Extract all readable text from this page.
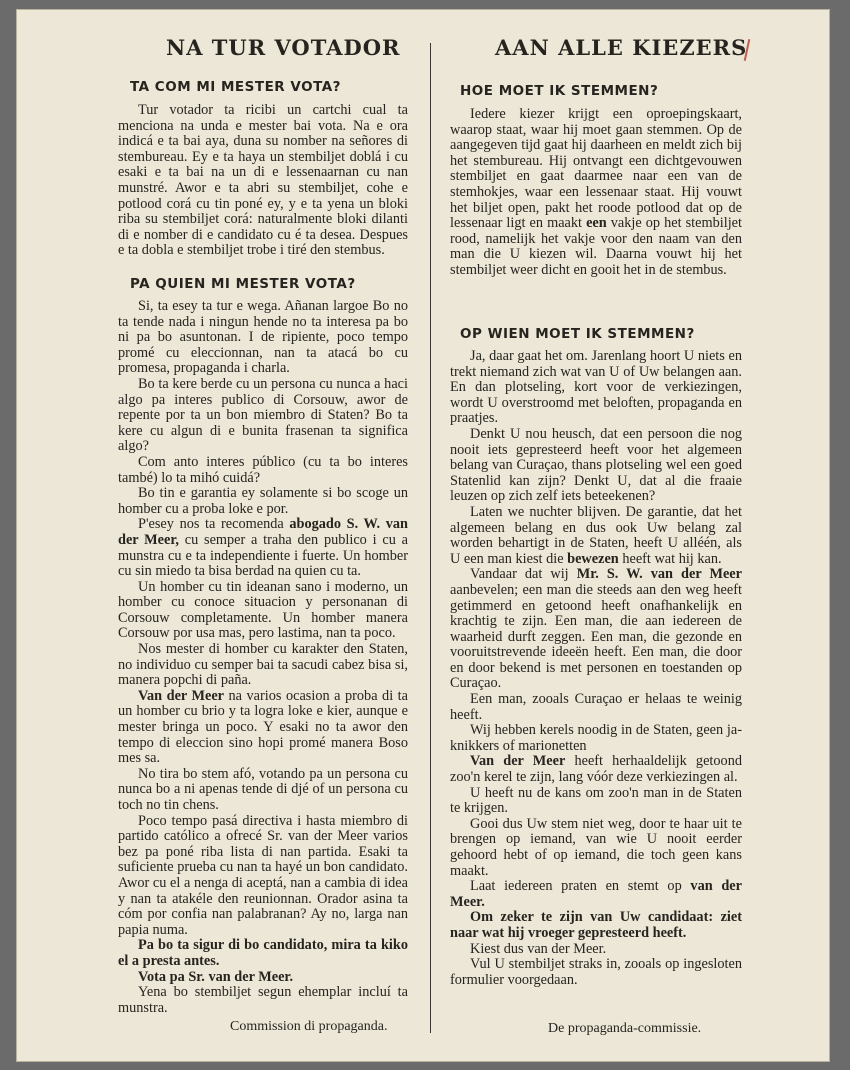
NA TUR VOTADOR
TA COM MI MESTER VOTA?

Tur votador ta ricibi un cartchi cual ta menciona na unda e mester bai vota. Na e ora indicá e ta bai aya, duna su nomber na señores di stembureau. Ey e ta haya un stembiljet doblá i cu esaki e ta bai na un di e lessenaarnan cu nan munstré. Awor e ta abri su stembiljet, cohe e potlood corá cu tin poné ey, y e ta yena un bloki riba su stembiljet corá: naturalmente bloki dilanti di e nomber di e candidato cu é ta desea. Despues e ta dobla e stembiljet trobe i tiré den stembus.

PA QUIEN MI MESTER VOTA?

Si, ta esey ta tur e wega. Añanan largoe Bo no ta tende nada i ningun hende no ta interesa pa bo ni pa bo asuntonan. I de ripiente, poco tempo promé cu eleccionnan, nan ta atacá bo cu promesa, propaganda i charla.

Bo ta kere berde cu un persona cu nunca a haci algo pa interes publico di Corsouw, awor de repente por ta un bon miembro di Staten? Bo ta kere cu algun di e bunita frasenan ta significa algo?

Com anto interes público (cu ta bo interes també) lo ta mihó cuidá?

Bo tin e garantia ey solamente si bo scoge un homber cu a proba loke e por.

P'esey nos ta recomenda abogado S. W. van der Meer, cu semper a traha den publico i cu a munstra cu e ta independiente i fuerte. Un homber cu sin miedo ta bisa berdad na quien cu ta.

Un homber cu tin ideanan sano i moderno, un homber cu conoce situacion y personanan di Corsouw completamente. Un homber manera Corsouw por usa mas, pero lastima, nan ta poco.

Nos mester di homber cu karakter den Staten, no individuo cu semper bai ta sacudi cabez bisa si, manera popchi di paña.

Van der Meer na varios ocasion a proba di ta un homber cu brio y ta logra loke e kier, aunque e mester bringa un poco. Y esaki no ta awor den tempo di eleccion sino hopi promé manera Boso mes sa.

No tira bo stem afó, votando pa un persona cu nunca bo a ni apenas tende di djé of un persona cu toch no tin chens.

Poco tempo pasá directiva i hasta miembro di partido católico a ofrecé Sr. van der Meer varios bez pa poné riba lista di nan partida. Esaki ta suficiente prueba cu nan ta hayé un bon candidato. Awor cu el a nenga di aceptá, nan a cambia di idea y nan ta atakéle den reunionnan. Orador asina ta cóm por confia nan palabranan? Ay no, larga nan papia numa.

Pa bo ta sigur di bo candidato, mira ta kiko el a presta antes.

Vota pa Sr. van der Meer.

Yena bo stembiljet segun ehemplar incluí ta munstra.

Commission di propaganda.
AAN ALLE KIEZERS
HOE MOET IK STEMMEN?

Iedere kiezer krijgt een oproepingskaart, waarop staat, waar hij moet gaan stemmen. Op de aangegeven tijd gaat hij daarheen en meldt zich bij het stembureau. Hij ontvangt een dichtgevouwen stembiljet en gaat daarmee naar een van de stemhokjes, waar een lessenaar staat. Hij vouwt het biljet open, pakt het roode potlood dat op de lessenaar ligt en maakt een vakje op het stembiljet rood, namelijk het vakje voor den naam van den man die U kiezen wil. Daarna vouwt hij het stembiljet weer dicht en gooit het in de stembus.

OP WIEN MOET IK STEMMEN?

Ja, daar gaat het om. Jarenlang hoort U niets en trekt niemand zich wat van U of Uw belangen aan. En dan plotseling, kort voor de verkiezingen, wordt U overstroomd met beloften, propaganda en praatjes.

Denkt U nou heusch, dat een persoon die nog nooit iets gepresteerd heeft voor het algemeen belang van Curaçao, thans plotseling wel een goed Statenlid kan zijn? Denkt U, dat al die fraaie leuzen op zich zelf iets beteekenen?

Laten we nuchter blijven. De garantie, dat het algemeen belang en dus ook Uw belang zal worden behartigt in de Staten, heeft U alléén, als U een man kiest die bewezen heeft wat hij kan.

Vandaar dat wij Mr. S. W. van der Meer aanbevelen; een man die steeds aan den weg heeft getimmerd en getoond heeft onafhankelijk en krachtig te zijn. Een man, die aan iedereen de waarheid durft zeggen. Een man, die gezonde en vooruitstrevende ideeën heeft. Een man, die door en door bekend is met personen en toestanden op Curaçao.

Een man, zooals Curaçao er helaas te weinig heeft.

Wij hebben kerels noodig in de Staten, geen ja-knikkers of marionetten

Van der Meer heeft herhaaldelijk getoond zoo'n kerel te zijn, lang vóór deze verkiezingen al.

U heeft nu de kans om zoo'n man in de Staten te krijgen.

Gooi dus Uw stem niet weg, door te haar uit te brengen op iemand, van wie U nooit eerder gehoord hebt of op iemand, die toch geen kans maakt.

Laat iedereen praten en stemt op van der Meer.

Om zeker te zijn van Uw candidaat: ziet naar wat hij vroeger gepresteerd heeft.

Kiest dus van der Meer.

Vul U stembiljet straks in, zooals op ingesloten formulier voorgedaan.

De propaganda-commissie.
